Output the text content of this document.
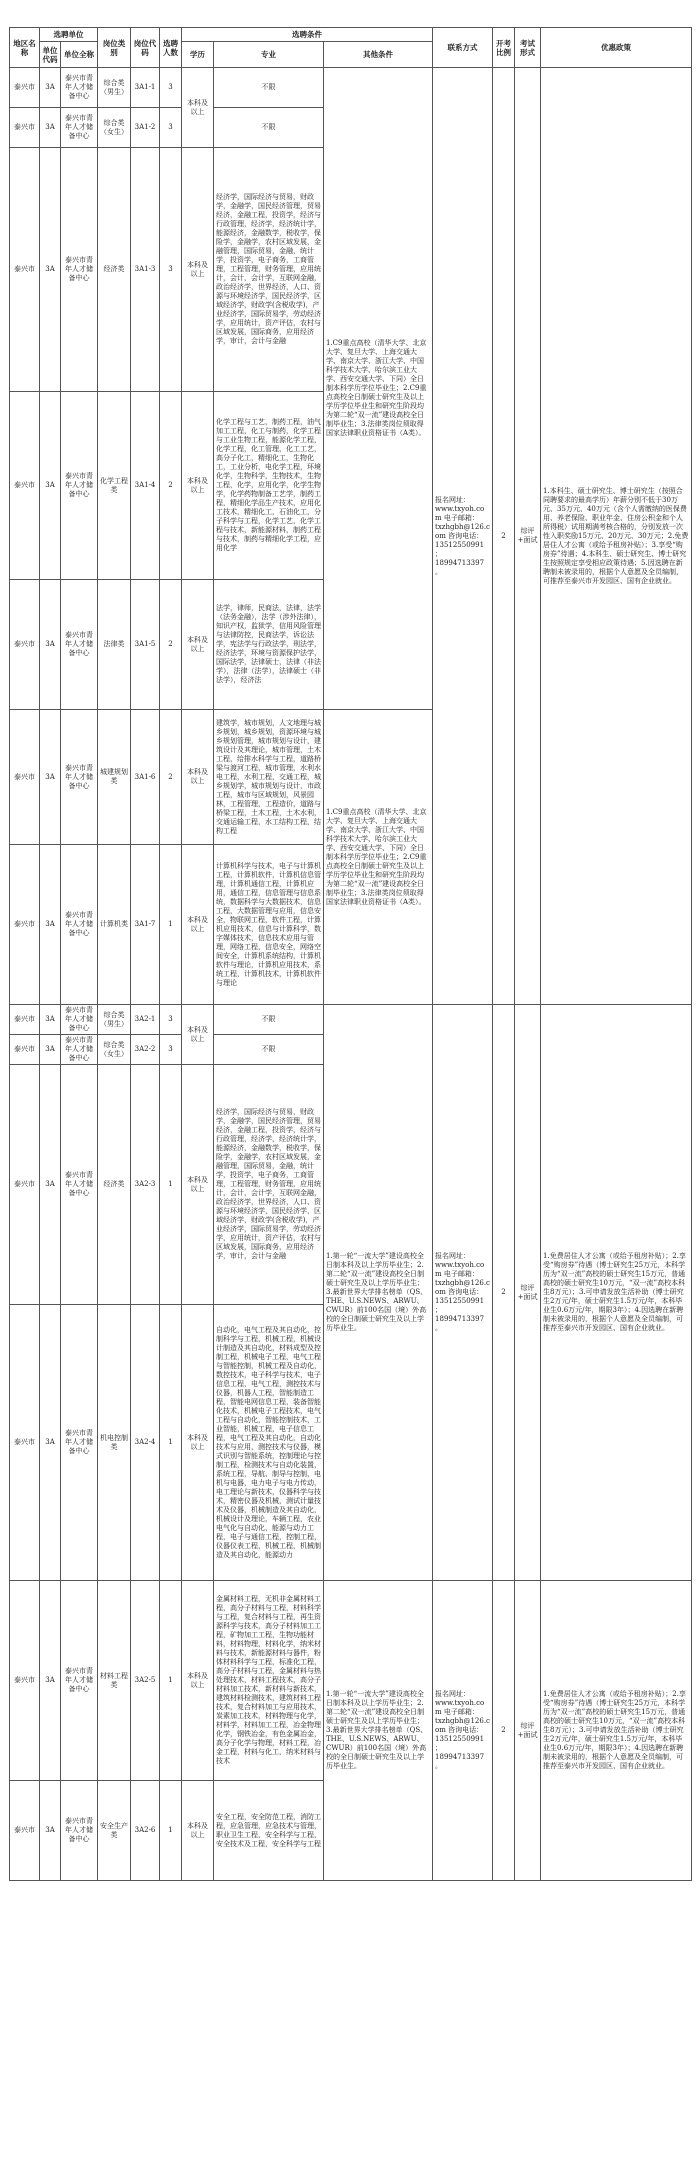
地区名称	选聘单位		岗位类别	岗位代码	选聘人数	选聘条件			联系方式	开考比例	考试形式	优惠政策
	单位代码	单位全称				学历	专业	其他条件				
泰兴市	3A	泰兴市青年人才储备中心	综合类（男生）	3A1-1	3	本科及以上	不限	1.C9重点高校（清华大学、北京大学、复旦大学、上海交通大学、南京大学、浙江大学、中国科学技术大学、哈尔滨工业大学、西安交通大学、下同）全日制本科学历学位毕业生；2.C9重点高校全日制硕士研究生及以上学历学位毕业生和研究生阶段均为第二轮“双一流”建设高校全日制毕业生；3.法律类岗位须取得国家法律职业资格证书（A类）。	报名网址：www.txyoh.com 电子邮箱：txzhgbh@126.com 咨询电话：13512550991；18994713397。	2	综评+面试	1.本科生、硕士研究生、博士研究生（按照合同聘要求的最高学历）年薪分别不低于30万元、35万元、40万元（含个人需缴纳的医保费用、养老保险、职业年金、住房公积金和个人所得税）试用期满考核合格的，分别发放一次性入职奖励15万元、20万元、30万元；2.免费居住人才公寓（或给予租房补贴）；3.享受“购房券”待遇；4.本科生、硕士研究生、博士研究生按照规定享受相应政策待遇；5.因选聘在新聘制未被录用的，根据个人意愿及全员编制，可推荐至泰兴市开发园区、国有企业就业。
泰兴市	3A	泰兴市青年人才储备中心	综合类（女生）	3A1-2	3		不限					
泰兴市	3A	泰兴市青年人才储备中心	经济类	3A1-3	3	本科及以上	经济学，国际经济与贸易，财政学，金融学，国民经济管理，贸易经济，金融工程，投资学，经济与行政管理，经济学，经济统计学，能源经济，金融数学，税收学，保险学，金融学，农村区域发展，金融管理，国际贸易，金融，统计学，投资学，电子商务，工商管理，工程管理，财务管理，应用统计，会计，会计学，互联网金融，政治经济学，世界经济，人口、资源与环境经济学，国民经济学，区域经济学，财政学(含税收学)，产业经济学，国际贸易学，劳动经济学，应用统计，资产评估，农村与区域发展，国际商务，应用经济学，审计，会计与金融					
泰兴市	3A	泰兴市青年人才储备中心	化学工程类	3A1-4	2	本科及以上	化学工程与工艺，制药工程，油气加工工程，化工与制药，化学工程与工业生物工程，能源化学工程，化学工程，化工管理，化工工艺，高分子化工，精细化工，生物化工，工业分析，电化学工程，环境化学，生物科学，生物技术，生物工程，化学，应用化学，化学生物学，化学药物制备工艺学，制药工程，精细化学品生产技术，应用化工技术，精细化工，石油化工，分子科学与工程，化学工艺，化学工程与技术，新能源材料，制药工程与技术，制药与精细化学工程，应用化学					
泰兴市	3A	泰兴市青年人才储备中心	法律类	3A1-5	2	本科及以上	法学，律师，民商法，法律，法学（法务金融），法学（涉外法律），知识产权，监狱学，信用风险管理与法律防控，民商法学，诉讼法学，宪法学与行政法学，刑法学，经济法学，环境与资源保护法学，国际法学，法律硕士，法律（非法学），法律（法学），法律硕士（非法学），经济法					
泰兴市	3A	泰兴市青年人才储备中心	城建规划类	3A1-6	2	本科及以上	建筑学，城市规划，人文地理与城乡规划，城乡规划，资源环境与城乡规划管理，城市规划与设计，建筑设计及其理论，城市管理，土木工程，给排水科学与工程，道路桥梁与渡河工程，城市管理，水利水电工程，水利工程，交通工程，城乡规划学，城市规划与设计，市政工程，城市与区域规划，风景园林，工程管理，工程造价，道路与桥梁工程，土木工程，土木水利，交通运输工程，水工结构工程，结构工程	1.C9重点高校（清华大学、北京大学、复旦大学、上海交通大学、南京大学、浙江大学、中国科学技术大学、哈尔滨工业大学、西安交通大学、下同）全日制本科学历学位毕业生；2.C9重点高校全日制硕士研究生及以上学历学位毕业生和研究生阶段均为第二轮“双一流”建设高校全日制毕业生；3.法律类岗位须取得国家法律职业资格证书（A类）。				
泰兴市	3A	泰兴市青年人才储备中心	计算机类	3A1-7	1	本科及以上	计算机科学与技术，电子与计算机工程，计算机软件，计算机信息管理，计算机通信工程，计算机应用，通信工程，信息管理与信息系统，数据科学与大数据技术，信息工程，大数据管理与应用，信息安全，物联网工程，软件工程，计算机应用技术，信息与计算科学，数字媒体技术，信息技术应用与管理，网络工程，信息安全，网络空间安全，计算机系统结构，计算机软件与理论，计算机应用技术，系统工程，计算机技术，计算机软件与理论					
泰兴市	3A	泰兴市青年人才储备中心	综合类（男生）	3A2-1	3	本科及以上	不限	1.第一轮“一流大学”建设高校全日制本科及以上学历毕业生；2.第二轮“双一流”建设高校全日制硕士研究生及以上学历毕业生；3.最新世界大学排名榜单（QS、THE、U.S.NEWS、ARWU、CWUR）前100名国（境）外高校的全日制硕士研究生及以上学历毕业生。	报名网址：www.txyoh.com 电子邮箱：txzhgbh@126.com 咨询电话：13512550991；18994713397。	2	综评+面试	1.免费居住人才公寓（或给予租房补贴）；2.享受“购房券”待遇（博士研究生25万元，本科学历为“双一流”高校的硕士研究生15万元，普通高校的硕士研究生10万元，“双一流”高校本科生8万元）；3.可申请发放生活补助（博士研究生2万元/年，硕士研究生1.5万元/年，本科毕业生0.6万元/年，期限3年）；4.因选聘在新聘制未被录用的，根据个人意愿及全员编制，可推荐至泰兴市开发园区、国有企业就业。
泰兴市	3A	泰兴市青年人才储备中心	综合类（女生）	3A2-2	3		不限					
泰兴市	3A	泰兴市青年人才储备中心	经济类	3A2-3	1	本科及以上	经济学，国际经济与贸易，财政学，金融学，国民经济管理，贸易经济，金融工程，投资学，经济与行政管理，经济学，经济统计学，能源经济，金融数学，税收学，保险学，金融学，农村区域发展，金融管理，国际贸易，金融，统计学，投资学，电子商务，工商管理，工程管理，财务管理，应用统计，会计，会计学，互联网金融，政治经济学，世界经济，人口、资源与环境经济学，国民经济学，区域经济学，财政学(含税收学)，产业经济学，国际贸易学，劳动经济学，应用统计，资产评估，农村与区域发展，国际商务，应用经济学，审计，会计与金融					
泰兴市	3A	泰兴市青年人才储备中心	机电控制类	3A2-4	1	本科及以上	自动化，电气工程及其自动化，控制科学与工程，机械工程，机械设计制造及其自动化，材料成型及控制工程，机械电子工程，电气工程与智能控制，机械工程及自动化，数控技术，电子科学与技术，电子信息工程，电气工程，测控技术与仪器，机器人工程，智能制造工程，智能电网信息工程，装备智能化技术，机械电子工程技术，电气工程与自动化，智能控制技术，工业智能，机械工程，电子信息工程，电气工程及其自动化，自动化技术与应用，测控技术与仪器，模式识别与智能系统，控制理论与控制工程，检测技术与自动化装置，系统工程，导航、制导与控制，电机与电器，电力电子与电力传动，电工理论与新技术，仪器科学与技术，精密仪器及机械，测试计量技术及仪器，机械制造及其自动化，机械设计及理论，车辆工程，农业电气化与自动化，能源与动力工程，电子与通信工程，控制工程，仪器仪表工程，机械工程，机械制造及其自动化，能源动力					
泰兴市	3A	泰兴市青年人才储备中心	材料工程类	3A2-5	1	本科及以上	金属材料工程，无机非金属材料工程，高分子材料与工程，材料科学与工程，复合材料与工程，再生资源科学与技术，高分子材料加工工程，矿物加工工程，生物功能材料，材料物理，材料化学，纳米材料与技术，新能源材料与器件，粉体材料科学与工程，标准化工程，高分子材料与工程，金属材料与热处理技术，材料工程技术，高分子材料加工技术，新材料与新技术，建筑材料检测技术，建筑材料工程技术，复合材料加工与应用技术，炭素加工技术，材料物理与化学，材料学，材料加工工程，冶金物理化学，钢铁冶金，有色金属冶金，高分子化学与物理，材料工程，冶金工程，材料与化工，纳米材料与技术	1.第一轮“一流大学”建设高校全日制本科及以上学历毕业生；2.第二轮“双一流”建设高校全日制硕士研究生及以上学历毕业生；3.最新世界大学排名榜单（QS、THE、U.S.NEWS、ARWU、CWUR）前100名国（境）外高校的全日制硕士研究生及以上学历毕业生。	报名网址：www.txyoh.com 电子邮箱：txzhgbh@126.com 咨询电话：13512550991；18994713397。	2	综评+面试	1.免费居住人才公寓（或给予租房补贴）；2.享受“购房券”待遇（博士研究生25万元，本科学历为“双一流”高校的硕士研究生15万元，普通高校的硕士研究生10万元，“双一流”高校本科生8万元）；3.可申请发放生活补助（博士研究生2万元/年，硕士研究生1.5万元/年，本科毕业生0.6万元/年，期限3年）；4.因选聘在新聘制未被录用的，根据个人意愿及全员编制，可推荐至泰兴市开发园区、国有企业就业。
泰兴市	3A	泰兴市青年人才储备中心	安全生产类	3A2-6	1	本科及以上	安全工程，安全防范工程，消防工程，应急管理，应急技术与管理，职业卫生工程，安全科学与工程，安全技术及工程，安全科学与工程					
